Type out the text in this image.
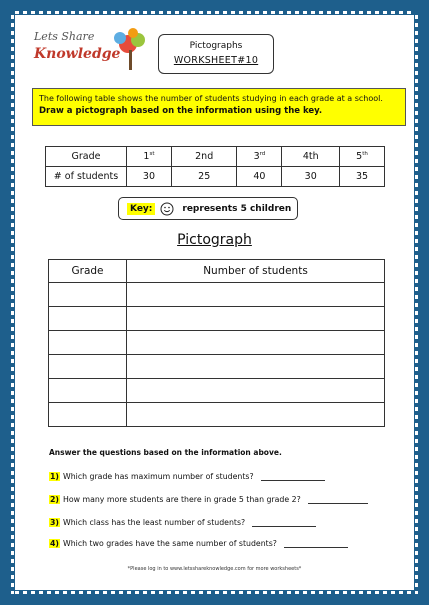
Lets Share
Knowledge	Pictographs
WORKSHEET#10
The following table shows the number of students studying in each grade at a school.
Draw a pictograph based on the information using the key.
Grade	1st	2nd	3rd	4th	5th
# of students	30	25	40	30	35
Key:	represents 5 children
Pictograph
Grade	Number of students

Answer the questions based on the information above.
1) Which grade has maximum number of students?
2) How many more students are there in grade 5 than grade 2?
3) Which class has the least number of students?
4) Which two grades have the same number of students?
*Please log in to www.letsshareknowledge.com for more worksheets*
